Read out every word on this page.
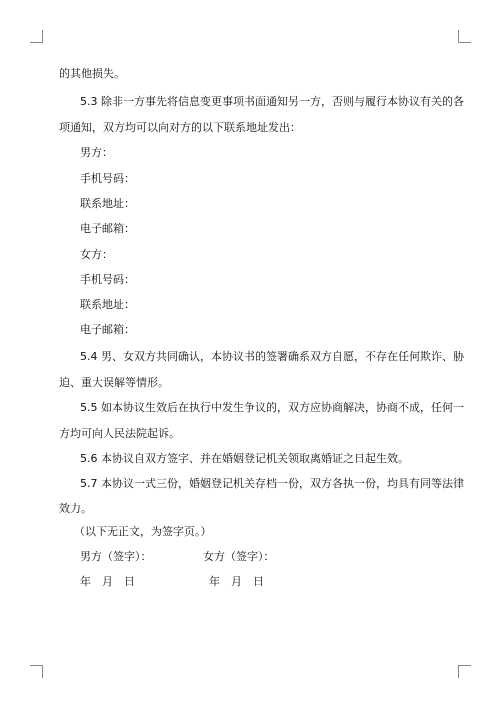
的其他损失。
5.3 除非一方事先将信息变更事项书面通知另一方，否则与履行本协议有关的各
项通知，双方均可以向对方的以下联系地址发出：
男方：
手机号码：
联系地址：
电子邮箱：
女方：
手机号码：
联系地址：
电子邮箱：
5.4 男、女双方共同确认，本协议书的签署确系双方自愿，不存在任何欺诈、胁
迫、重大误解等情形。
5.5 如本协议生效后在执行中发生争议的，双方应协商解决，协商不成，任何一
方均可向人民法院起诉。
5.6 本协议自双方签字、并在婚姻登记机关领取离婚证之日起生效。
5.7 本协议一式三份，婚姻登记机关存档一份，双方各执一份，均具有同等法律
效力。
（以下无正文，为签字页。）
男方（签字）：	女方（签字）：
年　月　日	年　月　日
